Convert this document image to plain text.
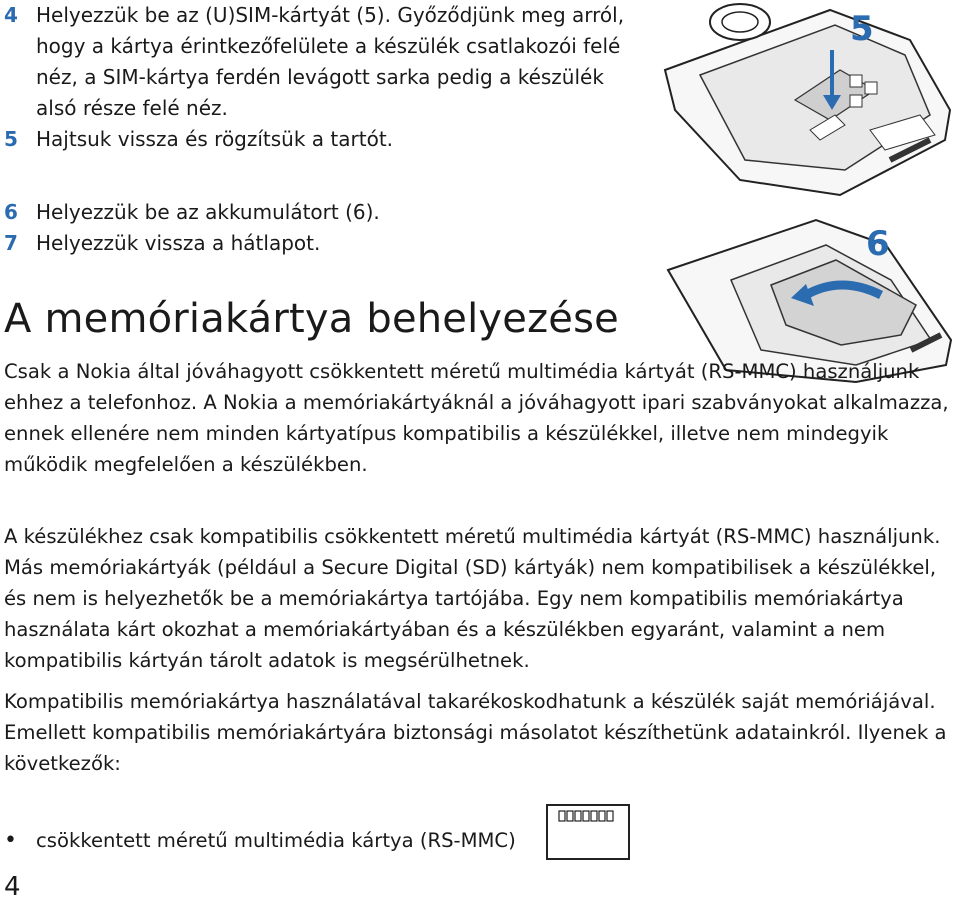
4 Helyezzük be az (U)SIM-kártyát (5). Győződjünk meg arról, hogy a kártya érintkezőfelülete a készülék csatlakozói felé néz, a SIM-kártya ferdén levágott sarka pedig a készülék alsó része felé néz.
5 Hajtsuk vissza és rögzítsük a tartót.
6 Helyezzük be az akkumulátort (6).
7 Helyezzük vissza a hátlapot.
5
6
A memóriakártya behelyezése

Csak a Nokia által jóváhagyott csökkentett méretű multimédia kártyát (RS-MMC) használjunk ehhez a telefonhoz. A Nokia a memóriakártyáknál a jóváhagyott ipari szabványokat alkalmazza, ennek ellenére nem minden kártyatípus kompatibilis a készülékkel, illetve nem mindegyik működik megfelelően a készülékben.

A készülékhez csak kompatibilis csökkentett méretű multimédia kártyát (RS-MMC) használjunk. Más memóriakártyák (például a Secure Digital (SD) kártyák) nem kompatibilisek a készülékkel, és nem is helyezhetők be a memóriakártya tartójába. Egy nem kompatibilis memóriakártya használata kárt okozhat a memóriakártyában és a készülékben egyaránt, valamint a nem kompatibilis kártyán tárolt adatok is megsérülhetnek.

Kompatibilis memóriakártya használatával takarékoskodhatunk a készülék saját memóriájával. Emellett kompatibilis memóriakártyára biztonsági másolatot készíthetünk adatainkról. Ilyenek a következők:

• csökkentett méretű multimédia kártya (RS-MMC)
4
